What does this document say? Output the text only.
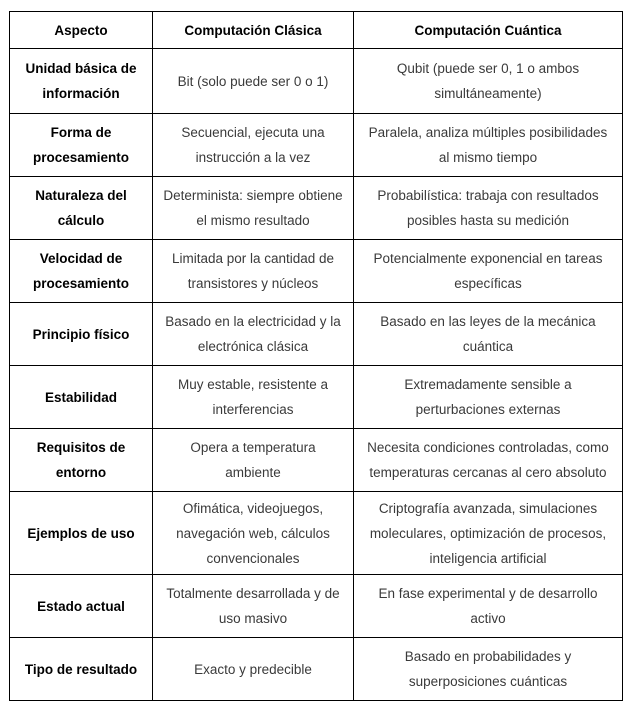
Aspecto	Computación Clásica	Computación Cuántica
Unidad básica de información	Bit (solo puede ser 0 o 1)	Qubit (puede ser 0, 1 o ambos simultáneamente)
Forma de procesamiento	Secuencial, ejecuta una instrucción a la vez	Paralela, analiza múltiples posibilidades al mismo tiempo
Naturaleza del cálculo	Determinista: siempre obtiene el mismo resultado	Probabilística: trabaja con resultados posibles hasta su medición
Velocidad de procesamiento	Limitada por la cantidad de transistores y núcleos	Potencialmente exponencial en tareas específicas
Principio físico	Basado en la electricidad y la electrónica clásica	Basado en las leyes de la mecánica cuántica
Estabilidad	Muy estable, resistente a interferencias	Extremadamente sensible a perturbaciones externas
Requisitos de entorno	Opera a temperatura ambiente	Necesita condiciones controladas, como temperaturas cercanas al cero absoluto
Ejemplos de uso	Ofimática, videojuegos, navegación web, cálculos convencionales	Criptografía avanzada, simulaciones moleculares, optimización de procesos, inteligencia artificial
Estado actual	Totalmente desarrollada y de uso masivo	En fase experimental y de desarrollo activo
Tipo de resultado	Exacto y predecible	Basado en probabilidades y superposiciones cuánticas
